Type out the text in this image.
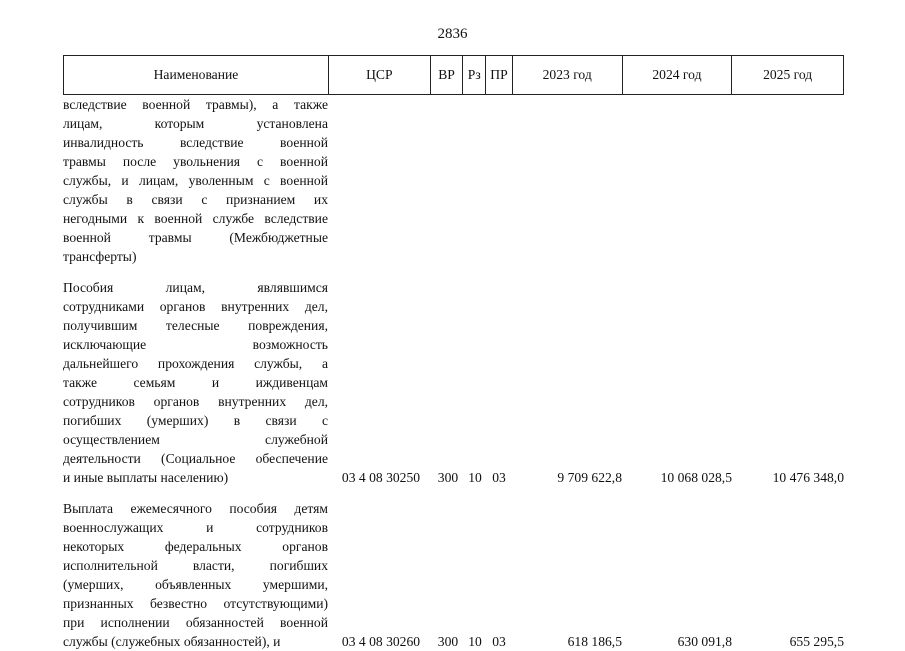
2836
Наименование	ЦСР	ВР Рз ПР	2023 год	2024 год	2025 год
вследствие военной травмы), а также
лицам, которым установлена
инвалидность вследствие военной
травмы после увольнения с военной
службы, и лицам, уволенным с военной
службы в связи с признанием их
негодными к военной службе вследствие
военной травмы (Межбюджетные
трансферты)
Пособия лицам, являвшимся
сотрудниками органов внутренних дел,
получившим телесные повреждения,
исключающие возможность
дальнейшего прохождения службы, а
также семьям и иждивенцам
сотрудников органов внутренних дел,
погибших (умерших) в связи с
осуществлением служебной
деятельности (Социальное обеспечение
и иные выплаты населению)	03 4 08 30250	300 10 03	9 709 622,8	10 068 028,5	10 476 348,0
Выплата ежемесячного пособия детям
военнослужащих и сотрудников
некоторых федеральных органов
исполнительной власти, погибших
(умерших, объявленных умершими,
признанных безвестно отсутствующими)
при исполнении обязанностей военной
службы (служебных обязанностей), и	03 4 08 30260	300 10 03	618 186,5	630 091,8	655 295,5
